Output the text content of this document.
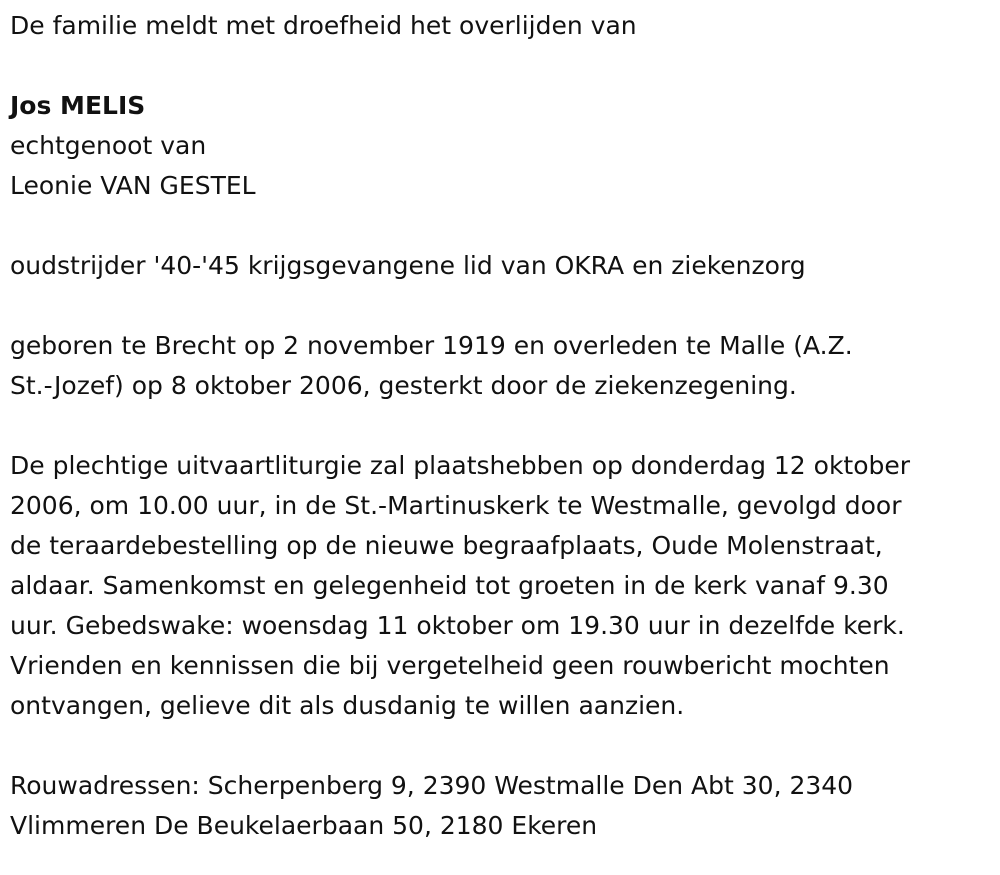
De familie meldt met droefheid het overlijden van
Jos MELIS
echtgenoot van
Leonie VAN GESTEL
oudstrijder '40-'45 krijgsgevangene lid van OKRA en ziekenzorg
geboren te Brecht op 2 november 1919 en overleden te Malle (A.Z.
St.-Jozef) op 8 oktober 2006, gesterkt door de ziekenzegening.
De plechtige uitvaartliturgie zal plaatshebben op donderdag 12 oktober
2006, om 10.00 uur, in de St.-Martinuskerk te Westmalle, gevolgd door
de teraardebestelling op de nieuwe begraafplaats, Oude Molenstraat,
aldaar. Samenkomst en gelegenheid tot groeten in de kerk vanaf 9.30
uur. Gebedswake: woensdag 11 oktober om 19.30 uur in dezelfde kerk.
Vrienden en kennissen die bij vergetelheid geen rouwbericht mochten
ontvangen, gelieve dit als dusdanig te willen aanzien.
Rouwadressen: Scherpenberg 9, 2390 Westmalle Den Abt 30, 2340
Vlimmeren De Beukelaerbaan 50, 2180 Ekeren
